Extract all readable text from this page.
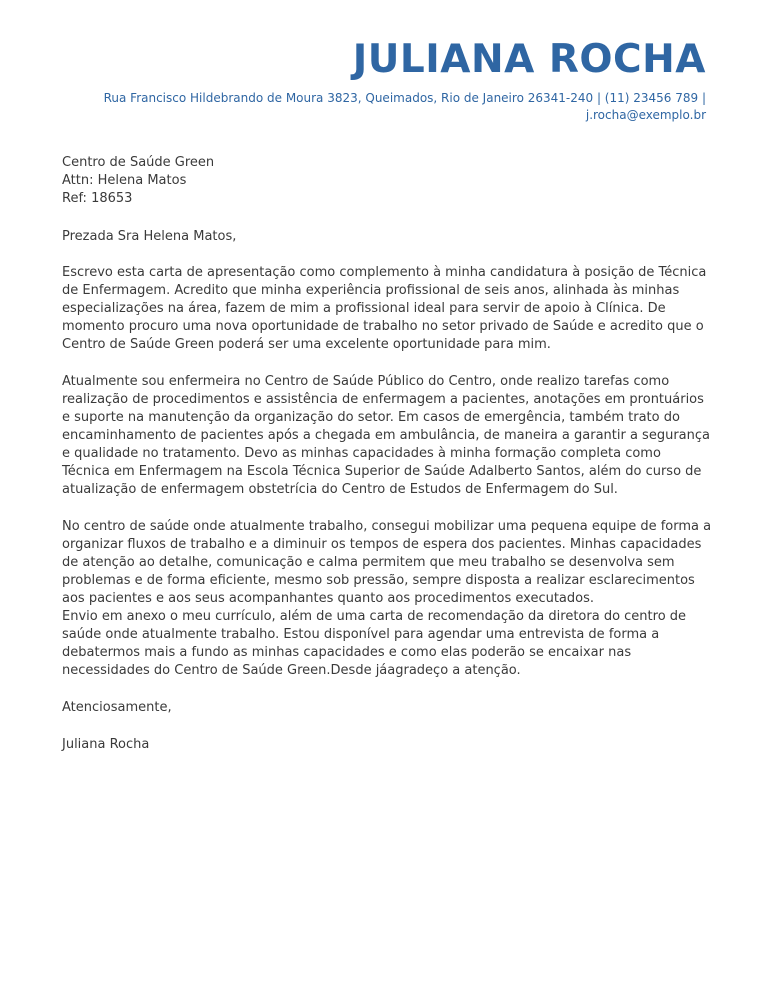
JULIANA ROCHA
Rua Francisco Hildebrando de Moura 3823, Queimados, Rio de Janeiro 26341-240 | (11) 23456 789 |
j.rocha@exemplo.br
Centro de Saúde Green
Attn: Helena Matos
Ref: 18653
Prezada Sra Helena Matos,

Escrevo esta carta de apresentação como complemento à minha candidatura à posição de Técnica de Enfermagem. Acredito que minha experiência profissional de seis anos, alinhada às minhas especializações na área, fazem de mim a profissional ideal para servir de apoio à Clínica. De momento procuro uma nova oportunidade de trabalho no setor privado de Saúde e acredito que o Centro de Saúde Green poderá ser uma excelente oportunidade para mim.

Atualmente sou enfermeira no Centro de Saúde Público do Centro, onde realizo tarefas como realização de procedimentos e assistência de enfermagem a pacientes, anotações em prontuários e suporte na manutenção da organização do setor. Em casos de emergência, também trato do encaminhamento de pacientes após a chegada em ambulância, de maneira a garantir a segurança e qualidade no tratamento. Devo as minhas capacidades à minha formação completa como Técnica em Enfermagem na Escola Técnica Superior de Saúde Adalberto Santos, além do curso de atualização de enfermagem obstetrícia do Centro de Estudos de Enfermagem do Sul.

No centro de saúde onde atualmente trabalho, consegui mobilizar uma pequena equipe de forma a organizar fluxos de trabalho e a diminuir os tempos de espera dos pacientes. Minhas capacidades de atenção ao detalhe, comunicação e calma permitem que meu trabalho se desenvolva sem problemas e de forma eficiente, mesmo sob pressão, sempre disposta a realizar esclarecimentos aos pacientes e aos seus acompanhantes quanto aos procedimentos executados.

Envio em anexo o meu currículo, além de uma carta de recomendação da diretora do centro de saúde onde atualmente trabalho. Estou disponível para agendar uma entrevista de forma a debatermos mais a fundo as minhas capacidades e como elas poderão se encaixar nas necessidades do Centro de Saúde Green.Desde jáagradeço a atenção.

Atenciosamente,
Juliana Rocha
